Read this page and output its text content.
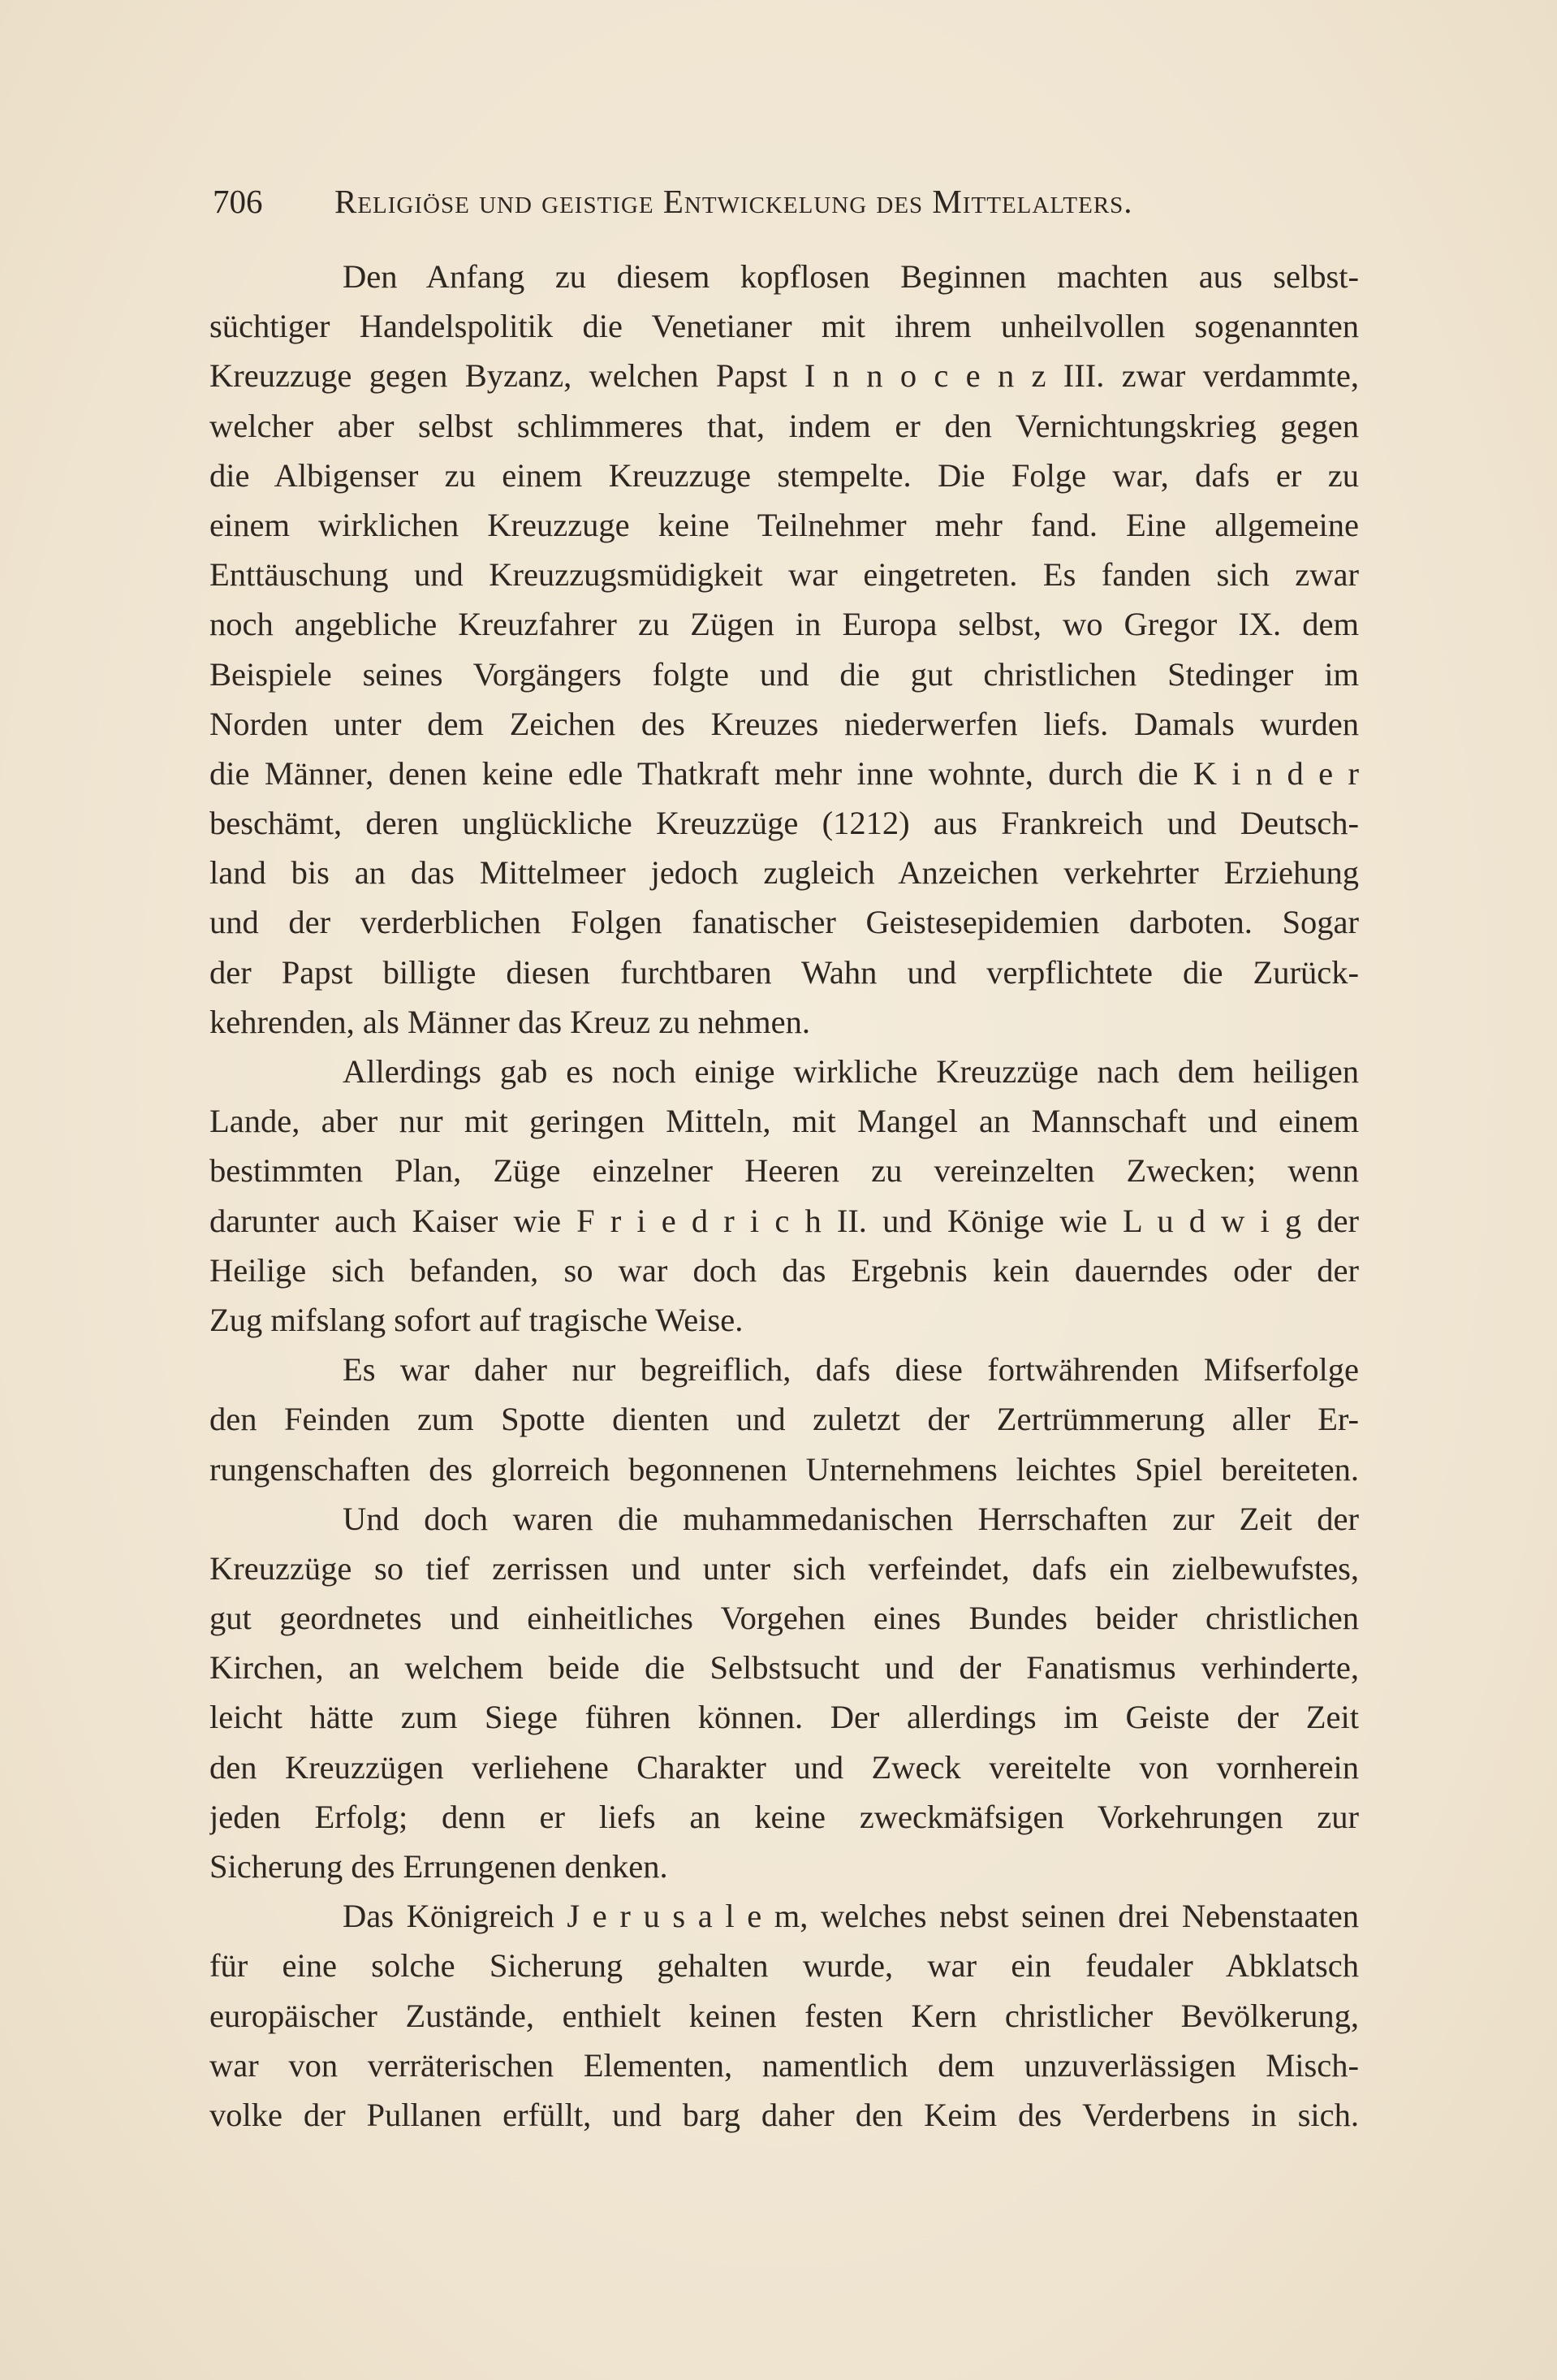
706 Religiöse und geistige Entwickelung des Mittelalters.
Den Anfang zu diesem kopflosen Beginnen machten aus selbst-
süchtiger Handelspolitik die Venetianer mit ihrem unheilvollen sogenannten
Kreuzzuge gegen Byzanz, welchen Papst I n n o c e n z III. zwar verdammte,
welcher aber selbst schlimmeres that, indem er den Vernichtungskrieg gegen
die Albigenser zu einem Kreuzzuge stempelte. Die Folge war, dafs er zu
einem wirklichen Kreuzzuge keine Teilnehmer mehr fand. Eine allgemeine
Enttäuschung und Kreuzzugsmüdigkeit war eingetreten. Es fanden sich zwar
noch angebliche Kreuzfahrer zu Zügen in Europa selbst, wo Gregor IX. dem
Beispiele seines Vorgängers folgte und die gut christlichen Stedinger im
Norden unter dem Zeichen des Kreuzes niederwerfen liefs. Damals wurden
die Männer, denen keine edle Thatkraft mehr inne wohnte, durch die K i n d e r
beschämt, deren unglückliche Kreuzzüge (1212) aus Frankreich und Deutsch-
land bis an das Mittelmeer jedoch zugleich Anzeichen verkehrter Erziehung
und der verderblichen Folgen fanatischer Geistesepidemien darboten. Sogar
der Papst billigte diesen furchtbaren Wahn und verpflichtete die Zurück-
kehrenden, als Männer das Kreuz zu nehmen.
Allerdings gab es noch einige wirkliche Kreuzzüge nach dem heiligen
Lande, aber nur mit geringen Mitteln, mit Mangel an Mannschaft und einem
bestimmten Plan, Züge einzelner Heeren zu vereinzelten Zwecken; wenn
darunter auch Kaiser wie F r i e d r i c h II. und Könige wie L u d w i g der
Heilige sich befanden, so war doch das Ergebnis kein dauerndes oder der
Zug mifslang sofort auf tragische Weise.
Es war daher nur begreiflich, dafs diese fortwährenden Mifserfolge
den Feinden zum Spotte dienten und zuletzt der Zertrümmerung aller Er-
rungenschaften des glorreich begonnenen Unternehmens leichtes Spiel bereiteten.
Und doch waren die muhammedanischen Herrschaften zur Zeit der
Kreuzzüge so tief zerrissen und unter sich verfeindet, dafs ein zielbewufstes,
gut geordnetes und einheitliches Vorgehen eines Bundes beider christlichen
Kirchen, an welchem beide die Selbstsucht und der Fanatismus verhinderte,
leicht hätte zum Siege führen können. Der allerdings im Geiste der Zeit
den Kreuzzügen verliehene Charakter und Zweck vereitelte von vornherein
jeden Erfolg; denn er liefs an keine zweckmäfsigen Vorkehrungen zur
Sicherung des Errungenen denken.
Das Königreich J e r u s a l e m, welches nebst seinen drei Nebenstaaten
für eine solche Sicherung gehalten wurde, war ein feudaler Abklatsch
europäischer Zustände, enthielt keinen festen Kern christlicher Bevölkerung,
war von verräterischen Elementen, namentlich dem unzuverlässigen Misch-
volke der Pullanen erfüllt, und barg daher den Keim des Verderbens in sich.
